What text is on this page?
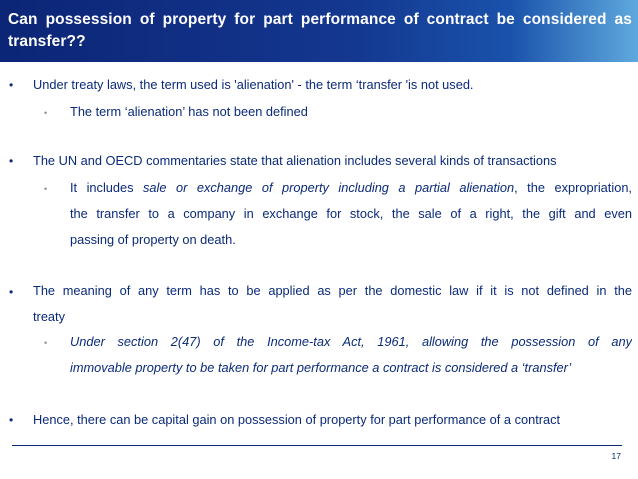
Can possession of property for part performance of contract be considered as transfer??
• Under treaty laws, the term used is 'alienation' - the term ‘transfer 'is not used.
• The term ‘alienation’ has not been defined
• The UN and OECD commentaries state that alienation includes several kinds of transactions
• It includes sale or exchange of property including a partial alienation, the expropriation,
the transfer to a company in exchange for stock, the sale of a right, the gift and even
passing of property on death.
• The meaning of any term has to be applied as per the domestic law if it is not defined in the
treaty
• Under section 2(47) of the Income-tax Act, 1961, allowing the possession of any
immovable property to be taken for part performance a contract is considered a ‘transfer’
• Hence, there can be capital gain on possession of property for part performance of a contract
17
